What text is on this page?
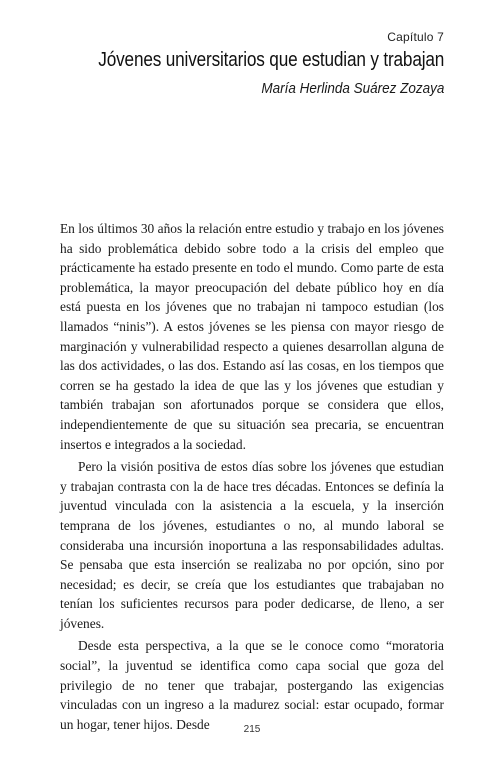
Capítulo 7
Jóvenes universitarios que estudian y trabajan
María Herlinda Suárez Zozaya

En los últimos 30 años la relación entre estudio y trabajo en los jóvenes ha sido problemática debido sobre todo a la crisis del empleo que prácticamente ha estado presente en todo el mundo. Como parte de esta problemática, la mayor preocupación del debate público hoy en día está puesta en los jóvenes que no trabajan ni tampoco estudian (los llamados “ninis”). A estos jóvenes se les piensa con mayor riesgo de marginación y vulnerabilidad respecto a quienes desarrollan alguna de las dos actividades, o las dos. Estando así las cosas, en los tiempos que corren se ha gestado la idea de que las y los jóvenes que estudian y también trabajan son afortunados porque se considera que ellos, independientemente de que su situación sea precaria, se encuentran insertos e integrados a la sociedad.

Pero la visión positiva de estos días sobre los jóvenes que estudian y trabajan contrasta con la de hace tres décadas. Entonces se definía la juventud vinculada con la asistencia a la escuela, y la inserción temprana de los jóvenes, estudiantes o no, al mundo laboral se consideraba una incursión inoportuna a las responsabilidades adultas. Se pensaba que esta inserción se realizaba no por opción, sino por necesidad; es decir, se creía que los estudiantes que trabajaban no tenían los suficientes recursos para poder dedicarse, de lleno, a ser jóvenes.

Desde esta perspectiva, a la que se le conoce como “moratoria social”, la juventud se identifica como capa social que goza del privilegio de no tener que trabajar, postergando las exigencias vinculadas con un ingreso a la madurez social: estar ocupado, formar un hogar, tener hijos. Desde	215
